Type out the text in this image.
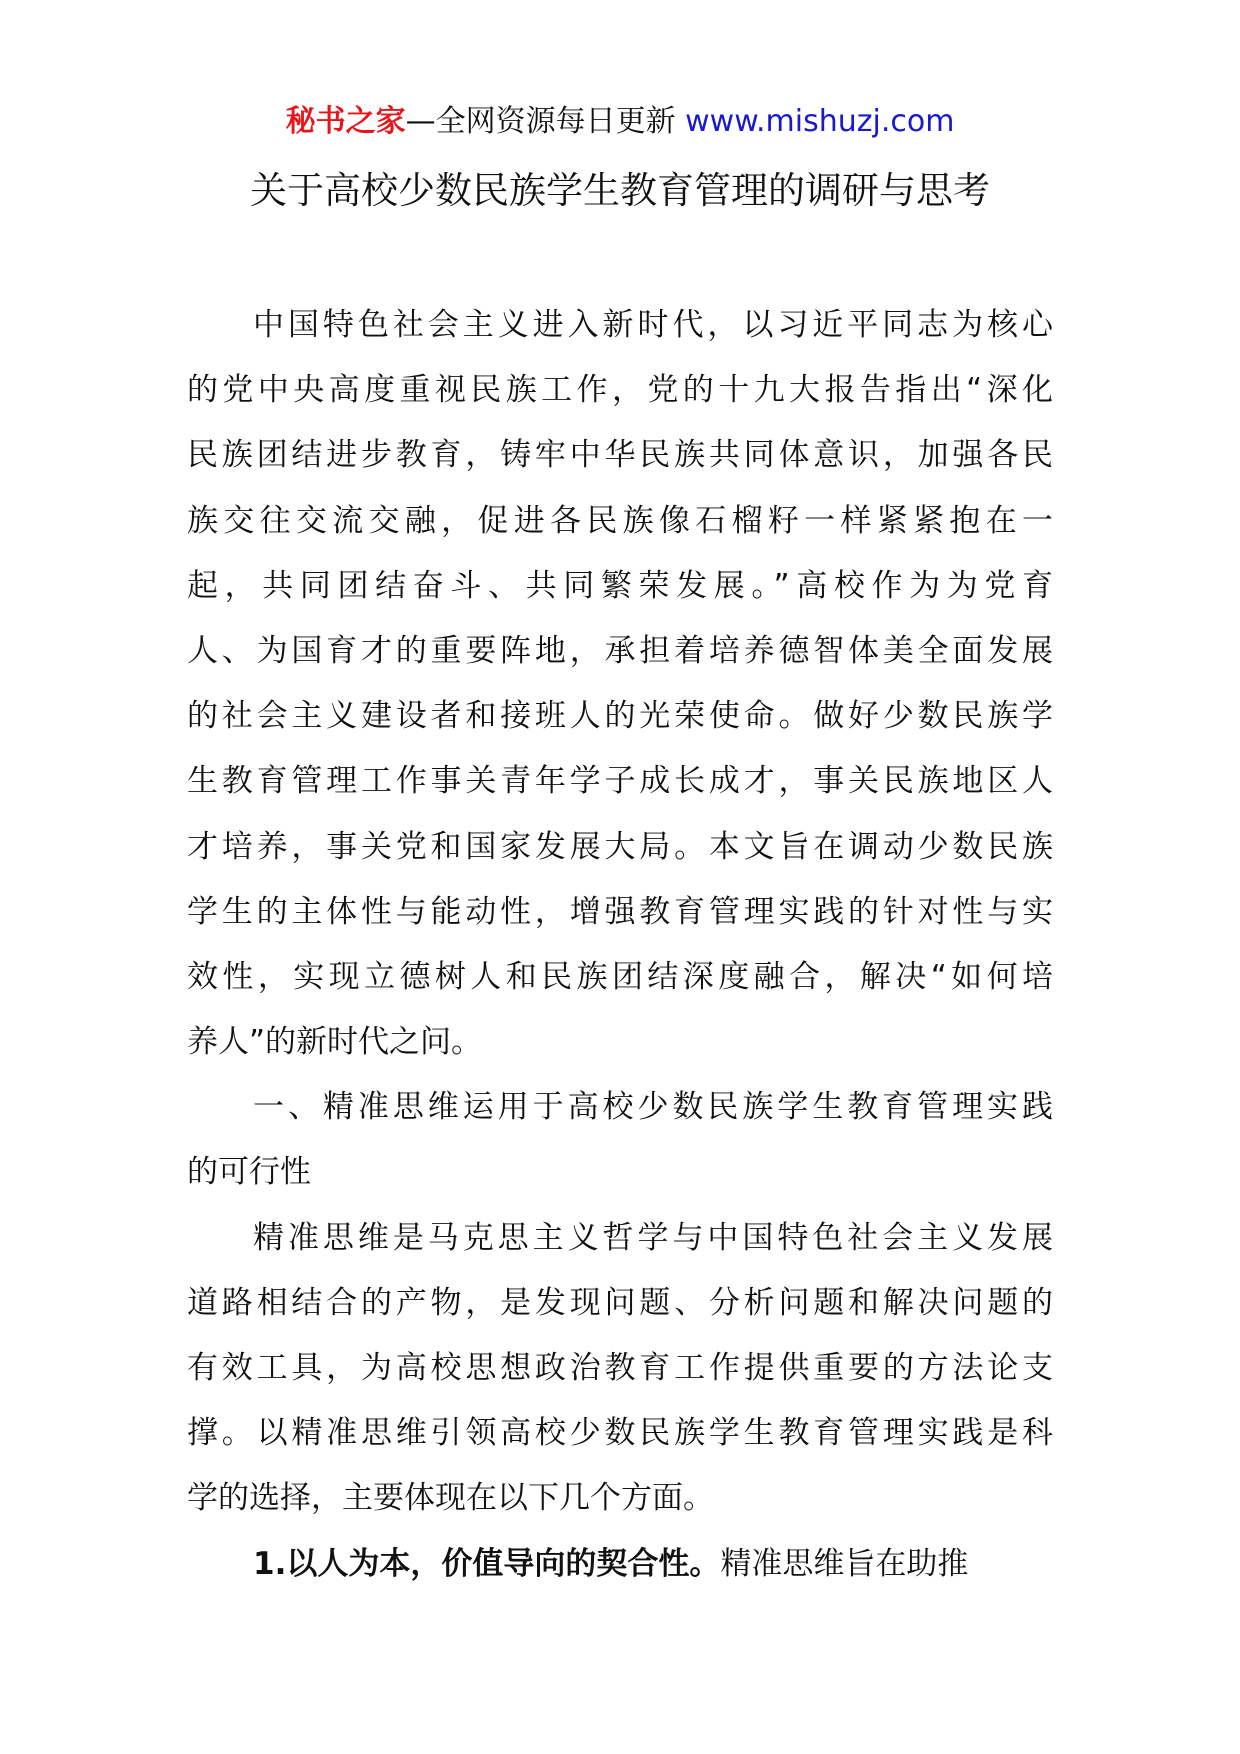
秘书之家—全网资源每日更新 www.mishuzj.com
关于高校少数民族学生教育管理的调研与思考
中国特色社会主义进入新时代，以习近平同志为核心
的党中央高度重视民族工作，党的十九大报告指出“深化
民族团结进步教育，铸牢中华民族共同体意识，加强各民
族交往交流交融，促进各民族像石榴籽一样紧紧抱在一
起，共同团结奋斗、共同繁荣发展。”高校作为为党育
人、为国育才的重要阵地，承担着培养德智体美全面发展
的社会主义建设者和接班人的光荣使命。做好少数民族学
生教育管理工作事关青年学子成长成才，事关民族地区人
才培养，事关党和国家发展大局。本文旨在调动少数民族
学生的主体性与能动性，增强教育管理实践的针对性与实
效性，实现立德树人和民族团结深度融合，解决“如何培
养人”的新时代之问。
一、精准思维运用于高校少数民族学生教育管理实践
的可行性
精准思维是马克思主义哲学与中国特色社会主义发展
道路相结合的产物，是发现问题、分析问题和解决问题的
有效工具，为高校思想政治教育工作提供重要的方法论支
撑。以精准思维引领高校少数民族学生教育管理实践是科
学的选择，主要体现在以下几个方面。
1.以人为本，价值导向的契合性。精准思维旨在助推
